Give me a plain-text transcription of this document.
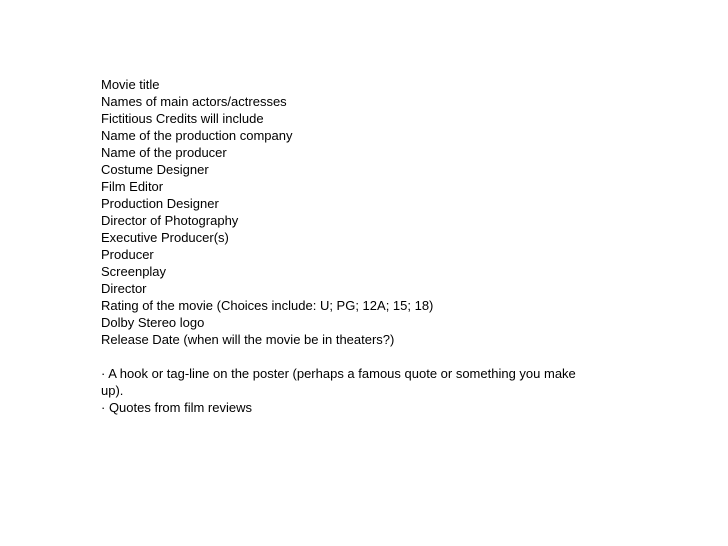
Movie title
Names of main actors/actresses
Fictitious Credits will include
Name of the production company
Name of the producer
Costume Designer
Film Editor
Production Designer
Director of Photography
Executive Producer(s)
Producer
Screenplay
Director
Rating of the movie (Choices include: U; PG; 12A; 15; 18)
Dolby Stereo logo
Release Date (when will the movie be in theaters?)
· A hook or tag-line on the poster (perhaps a famous quote or something you make up).
· Quotes from film reviews
